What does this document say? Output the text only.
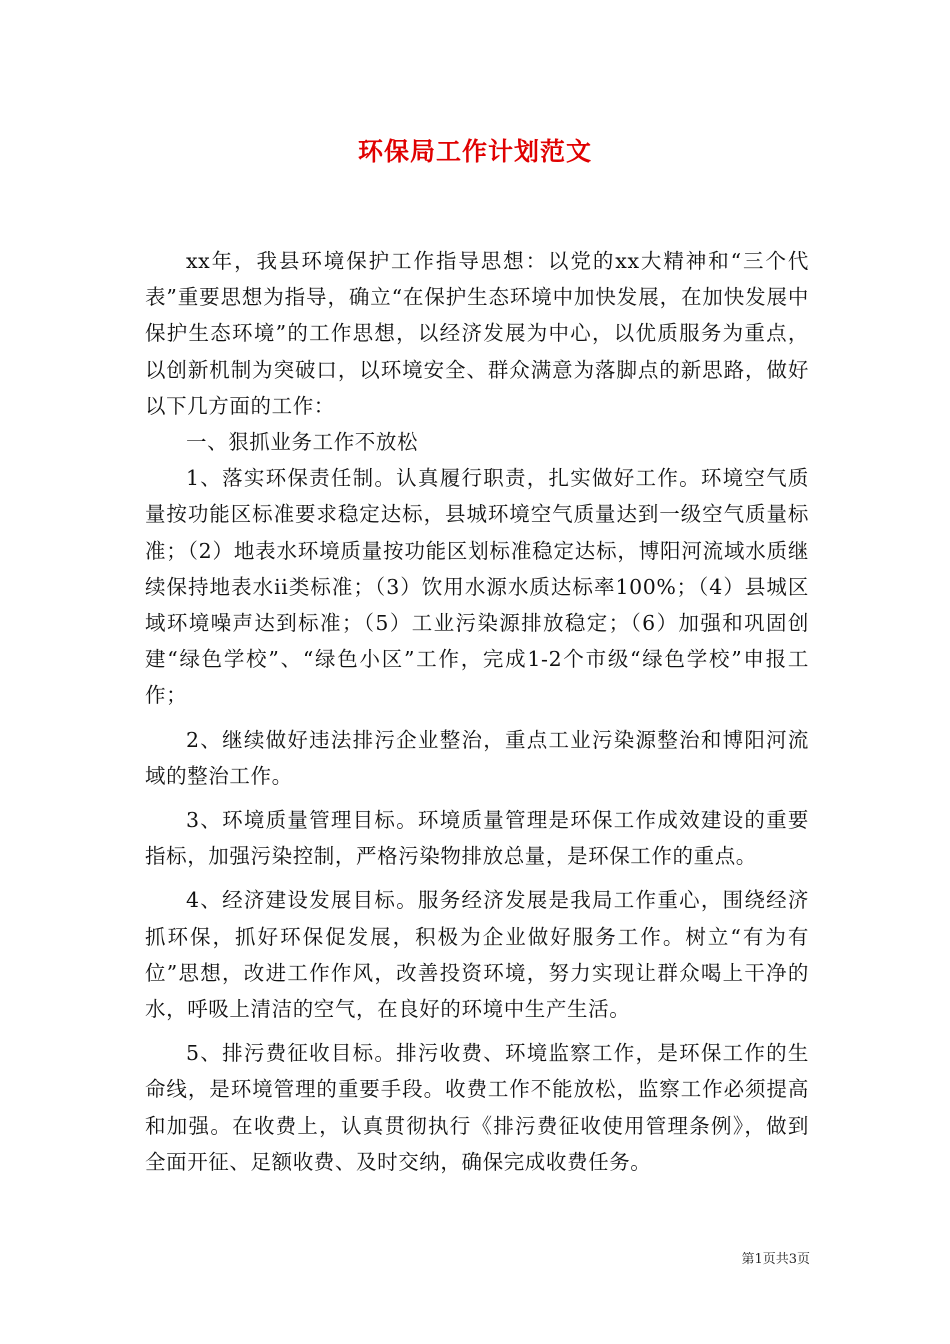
环保局工作计划范文

xx年，我县环境保护工作指导思想：以党的xx大精神和“三个代表”重要思想为指导，确立“在保护生态环境中加快发展，在加快发展中保护生态环境”的工作思想，以经济发展为中心，以优质服务为重点，以创新机制为突破口，以环境安全、群众满意为落脚点的新思路，做好以下几方面的工作：

一、狠抓业务工作不放松

1、落实环保责任制。认真履行职责，扎实做好工作。环境空气质量按功能区标准要求稳定达标，县城环境空气质量达到一级空气质量标准；（2）地表水环境质量按功能区划标准稳定达标，博阳河流域水质继续保持地表水ii类标准；（3）饮用水源水质达标率100%；（4）县城区域环境噪声达到标准；（5）工业污染源排放稳定；（6）加强和巩固创建“绿色学校”、“绿色小区”工作，完成1-2个市级“绿色学校”申报工作；

2、继续做好违法排污企业整治，重点工业污染源整治和博阳河流域的整治工作。

3、环境质量管理目标。环境质量管理是环保工作成效建设的重要指标，加强污染控制，严格污染物排放总量，是环保工作的重点。

4、经济建设发展目标。服务经济发展是我局工作重心，围绕经济抓环保，抓好环保促发展，积极为企业做好服务工作。树立“有为有位”思想，改进工作作风，改善投资环境，努力实现让群众喝上干净的水，呼吸上清洁的空气，在良好的环境中生产生活。

5、排污费征收目标。排污收费、环境监察工作，是环保工作的生命线，是环境管理的重要手段。收费工作不能放松，监察工作必须提高和加强。在收费上，认真贯彻执行《排污费征收使用管理条例》，做到全面开征、足额收费、及时交纳，确保完成收费任务。

第1页共3页
